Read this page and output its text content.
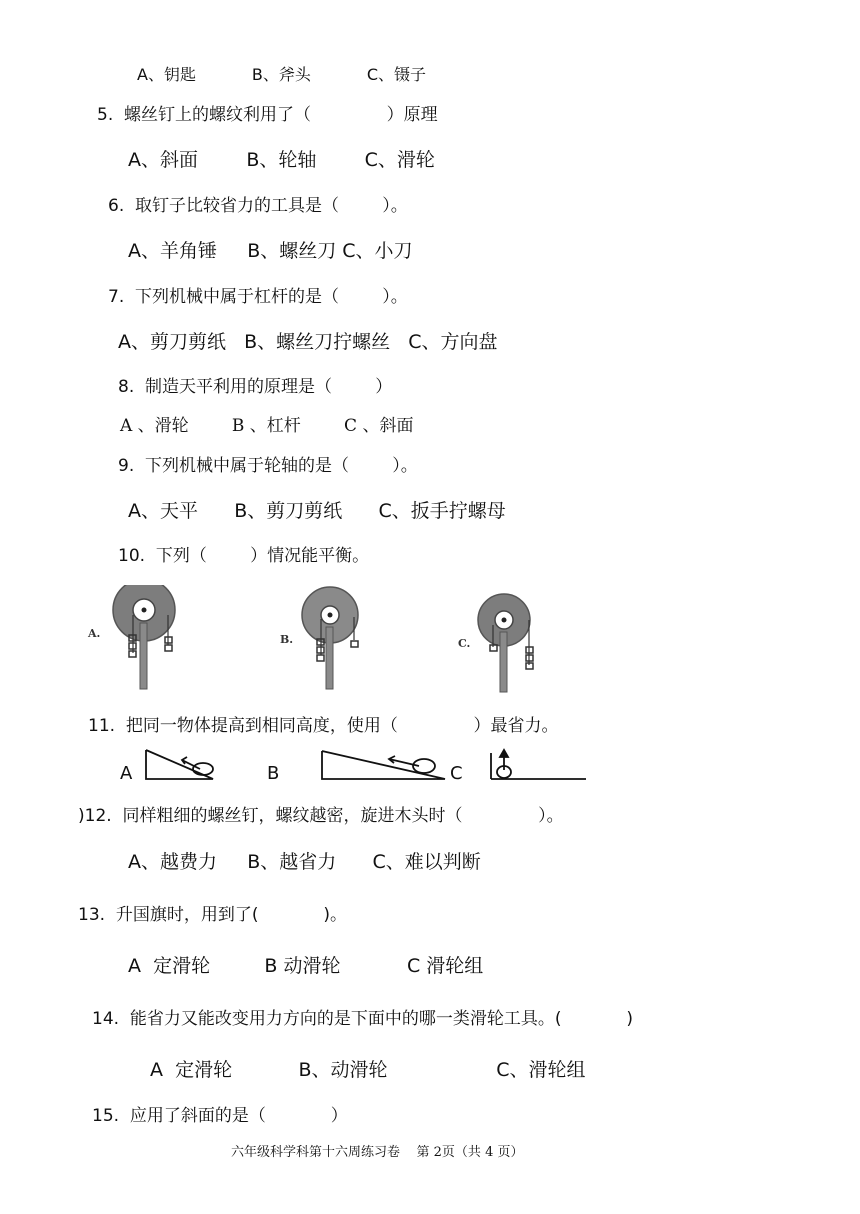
A、钥匙           B、斧头           C、镊子
5.  螺丝钉上的螺纹利用了（              ）原理
A、斜面        B、轮轴        C、滑轮
6.  取钉子比较省力的工具是（        ）。
A、羊角锤     B、螺丝刀 C、小刀
7.  下列机械中属于杠杆的是（        ）。
A、剪刀剪纸   B、螺丝刀拧螺丝   C、方向盘
8.  制造天平利用的原理是（        ）
A 、滑轮        B 、杠杆        C 、斜面
9.  下列机械中属于轮轴的是（        ）。
A、天平      B、剪刀剪纸      C、扳手拧螺母
10.  下列（        ）情况能平衡。
A.	B.	C.
11.  把同一物体提高到相同高度，使用（              ）最省力。
A	B	C
)12.  同样粗细的螺丝钉，螺纹越密，旋进木头时（              ）。
A、越费力     B、越省力      C、难以判断
13.  升国旗时，用到了(            )。
A  定滑轮         B 动滑轮           C 滑轮组
14.  能省力又能改变用力方向的是下面中的哪一类滑轮工具。(            )
A  定滑轮           B、动滑轮                  C、滑轮组
15.  应用了斜面的是（            ）
六年级科学科第十六周练习卷    第 2页（共 4 页）
